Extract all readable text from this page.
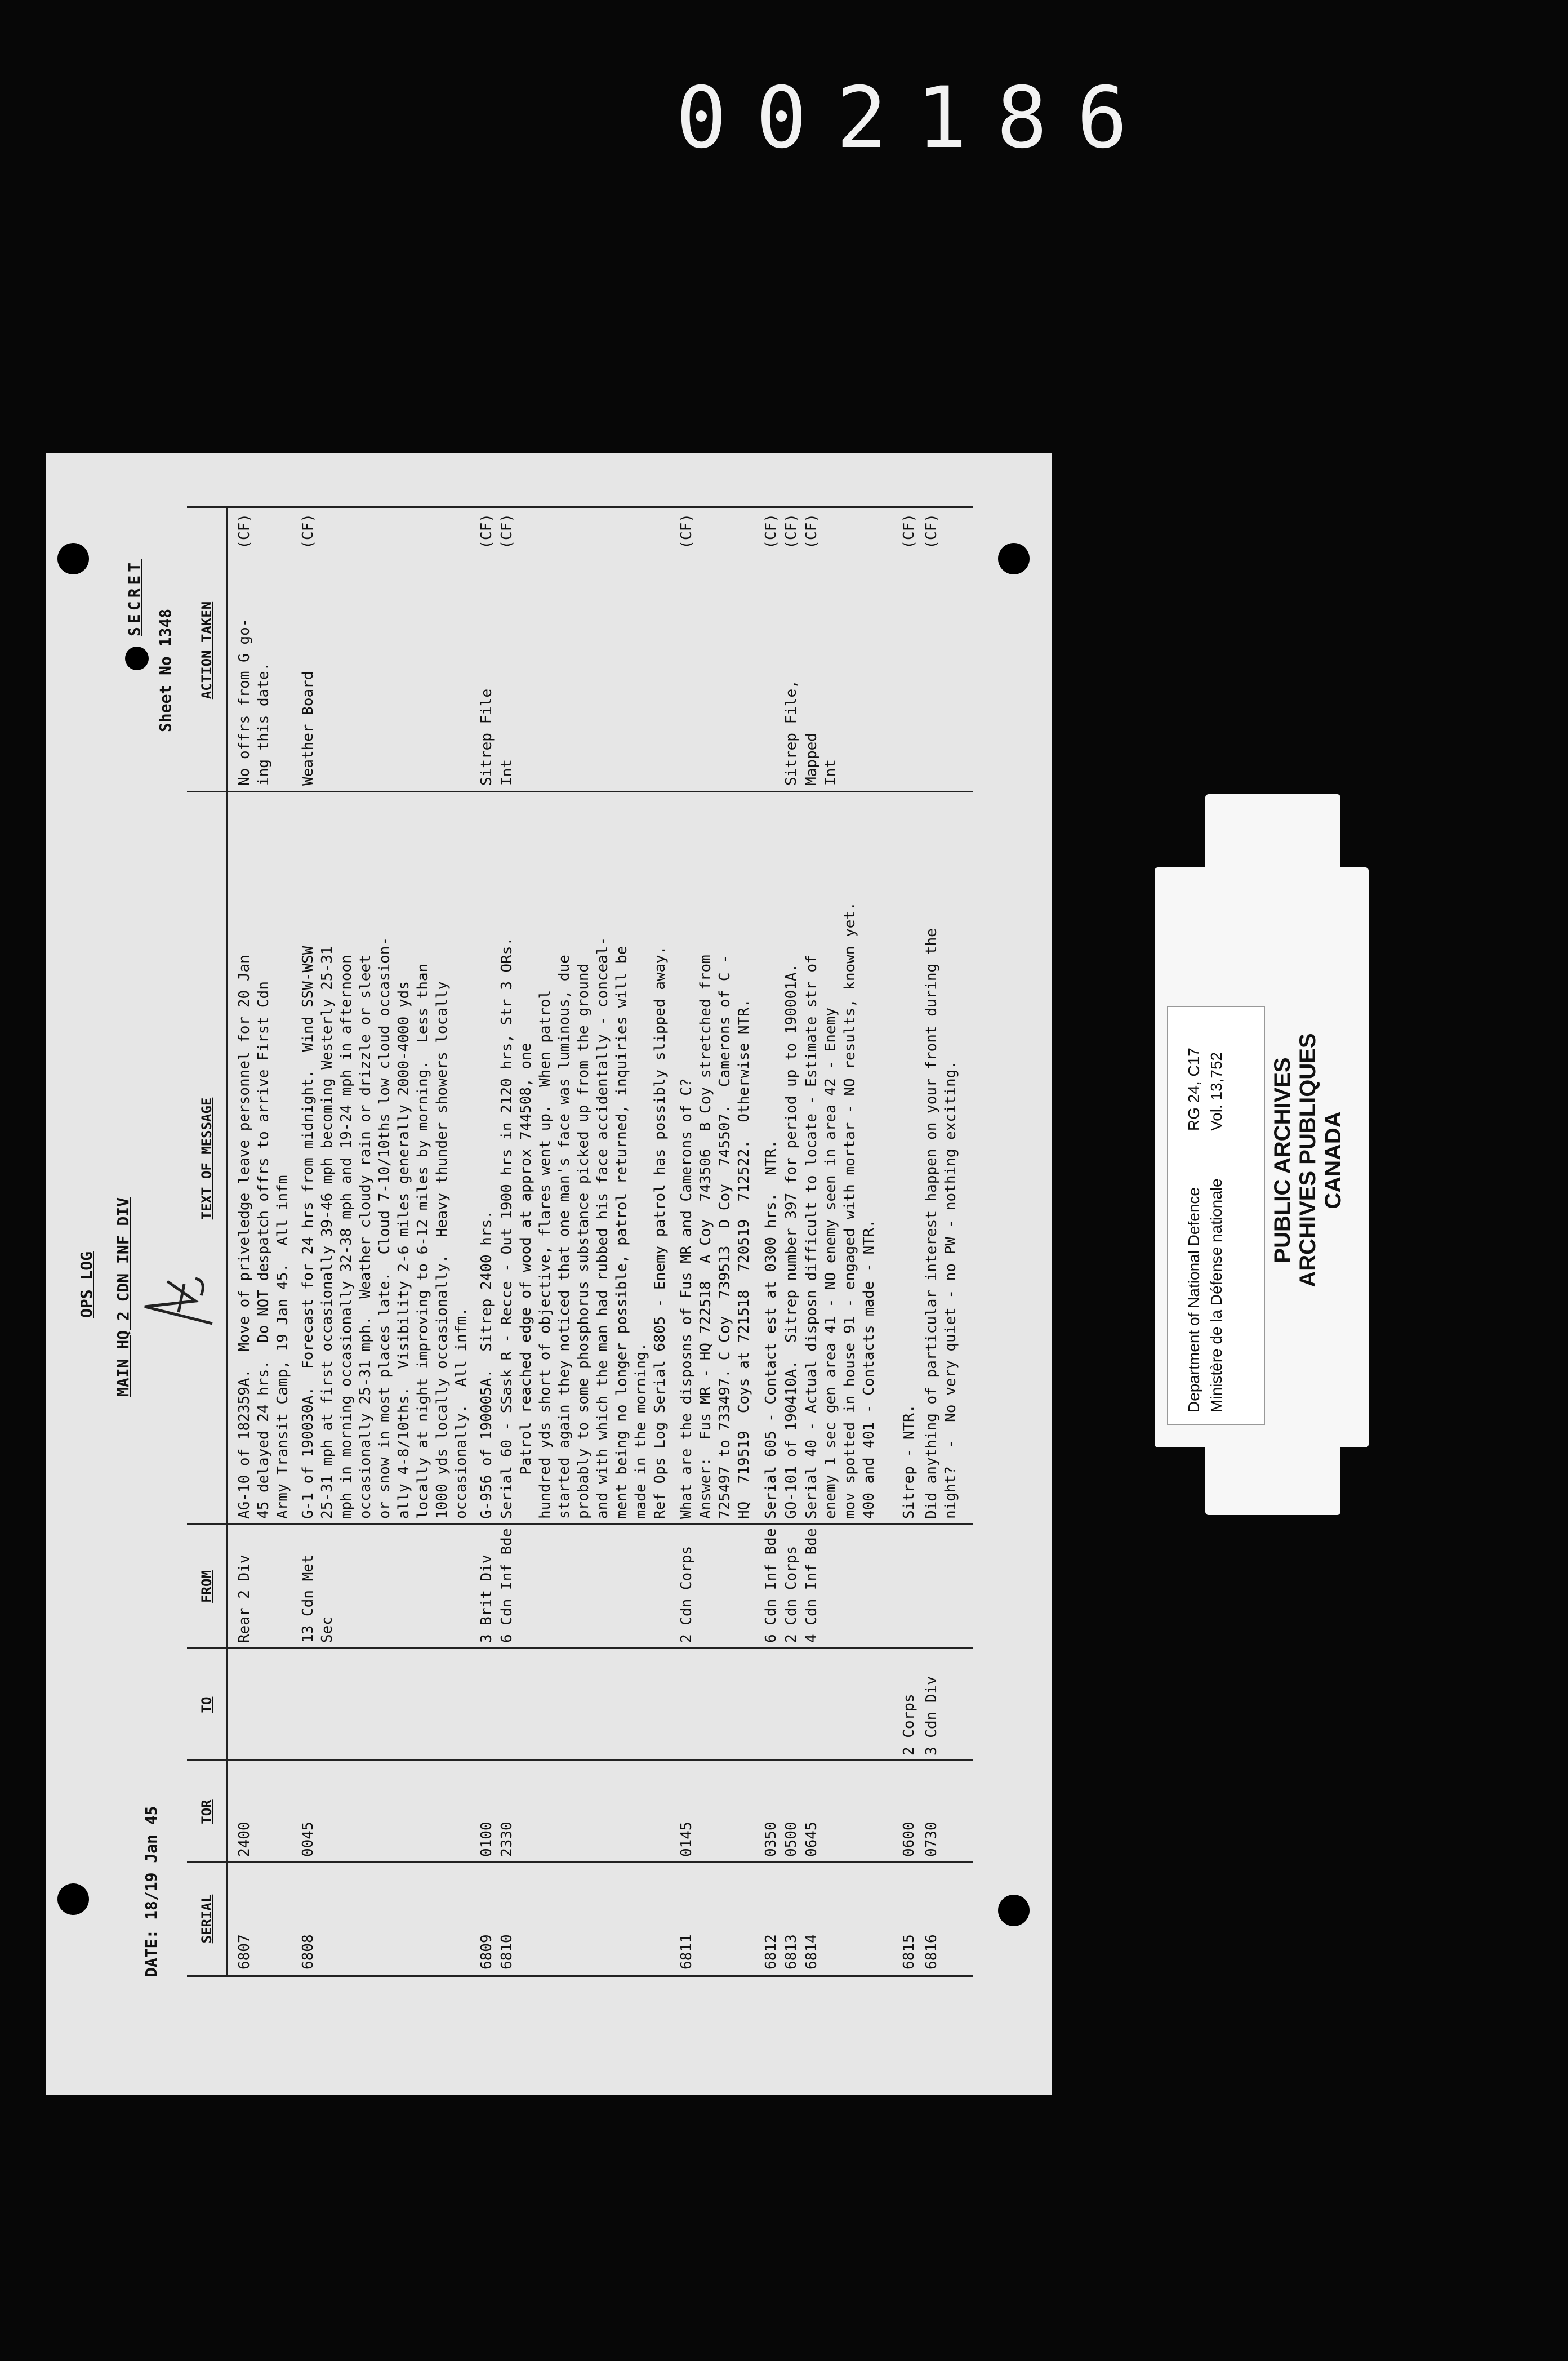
002186
OPS LOG MAIN HQ 2 CDN INF DIV
DATE: 18/19 Jan 45
SECRET
Sheet No 1348
SERIAL
TOR
TO
FROM
TEXT OF MESSAGE
ACTION TAKEN
6807
2400
Rear 2 Div
AG-10 of 182359A.  Move of priveledge leave personnel for 20 Jan
45 delayed 24 hrs.  Do NOT despatch offrs to arrive First Cdn
Army Transit Camp, 19 Jan 45.  All infm

No offrs from G go-
ing this date.

(CF)

6808
0045
13 Cdn Met
Sec
G-1 of 190030A.  Forecast for 24 hrs from midnight.  Wind SSW-WSW
25-31 mph at first occasionally 39-46 mph becoming Westerly 25-31
mph in morning occasionally 32-38 mph and 19-24 mph in afternoon
occasionally 25-31 mph.  Weather cloudy rain or drizzle or sleet
or snow in most places late.  Cloud 7-10/10ths low cloud occasion-
ally 4-8/10ths.  Visibility 2-6 miles generally 2000-4000 yds
locally at night improving to 6-12 miles by morning.  Less than
1000 yds locally occasionally.  Heavy thunder showers locally
occasionally.  All infm.

Weather Board

(CF)

6809
0100
3 Brit Div
G-956 of 190005A.  Sitrep 2400 hrs.

Sitrep File

(CF)

6810
2330
6 Cdn Inf Bde
Serial 60 - SSask R - Recce - Out 1900 hrs in 2120 hrs, Str 3 ORs.
Patrol reached edge of wood at approx 744508, one
hundred yds short of objective, flares went up.  When patrol
started again they noticed that one man's face was luminous, due
probably to some phosphorus substance picked up from the ground
and with which the man had rubbed his face accidentally - conceal-
ment being no longer possible, patrol returned, inquiries will be
made in the morning.
Ref Ops Log Serial 6805 - Enemy patrol has possibly slipped away.

Int

(CF)

6811
0145
2 Cdn Corps
What are the disposns of Fus MR and Camerons of C?
Answer:  Fus MR - HQ 722518  A Coy  743506  B Coy stretched from
725497 to 733497. C Coy  739513  D Coy  745507.  Camerons of C -
HQ  719519  Coys at 721518  720519  712522.  Otherwise NTR.

(CF)

6812
0350
6 Cdn Inf Bde
Serial 605 - Contact est at 0300 hrs.  NTR.

(CF)

6813
0500
2 Cdn Corps
GO-101 of 190410A.  Sitrep number 397 for period up to 190001A.

Sitrep File,

(CF)

6814
0645
4 Cdn Inf Bde
Serial 40 - Actual disposn difficult to locate - Estimate str of
enemy 1 sec gen area 41 - NO enemy seen in area 42 - Enemy
mov spotted in house 91 - engaged with mortar - NO results, known yet.
400 and 401 - Contacts made - NTR.

Mapped
Int

(CF)

6815
0600
2 Corps
Sitrep - NTR.

(CF)

6816
0730
3 Cdn Div
Did anything of particular interest happen on your front during the
night?  -  No very quiet - no PW - nothing exciting.

(CF)

Department of National Defence Ministère de la Défense nationale
RG 24, C17 Vol. 13,752 PUBLIC ARCHIVES ARCHIVES PUBLIQUES CANADA
